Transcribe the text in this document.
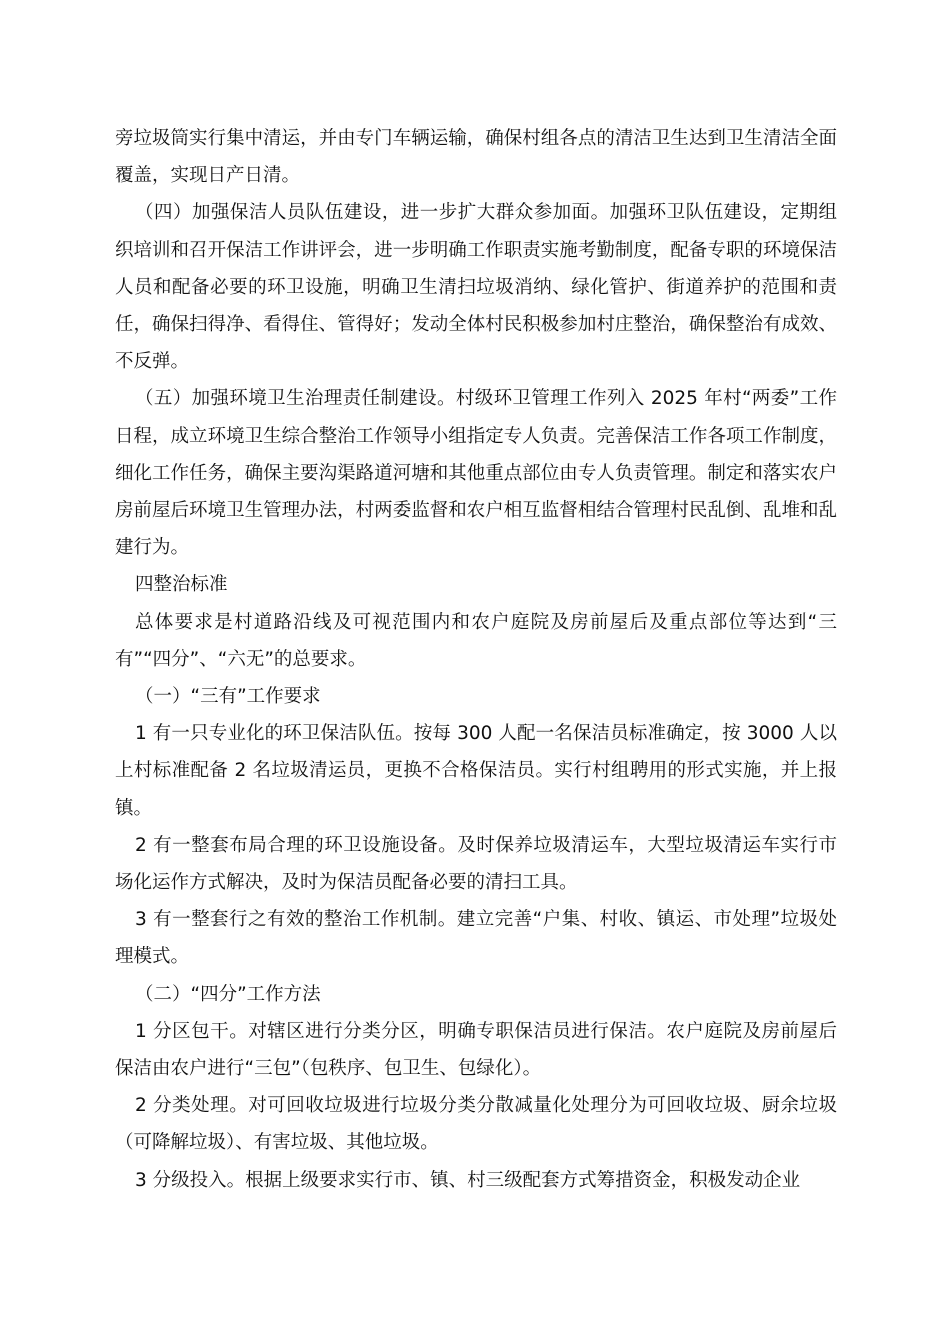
旁垃圾筒实行集中清运，并由专门车辆运输，确保村组各点的清洁卫生达到卫生清洁全面覆盖，实现日产日清。

（四）加强保洁人员队伍建设，进一步扩大群众参加面。加强环卫队伍建设，定期组织培训和召开保洁工作讲评会，进一步明确工作职责实施考勤制度，配备专职的环境保洁人员和配备必要的环卫设施，明确卫生清扫垃圾消纳、绿化管护、街道养护的范围和责任，确保扫得净、看得住、管得好；发动全体村民积极参加村庄整治，确保整治有成效、不反弹。

（五）加强环境卫生治理责任制建设。村级环卫管理工作列入 2025 年村“两委”工作日程，成立环境卫生综合整治工作领导小组指定专人负责。完善保洁工作各项工作制度，细化工作任务，确保主要沟渠路道河塘和其他重点部位由专人负责管理。制定和落实农户房前屋后环境卫生管理办法，村两委监督和农户相互监督相结合管理村民乱倒、乱堆和乱建行为。

四整治标准

总体要求是村道路沿线及可视范围内和农户庭院及房前屋后及重点部位等达到“三有”“四分”、“六无”的总要求。

（一）“三有”工作要求

1 有一只专业化的环卫保洁队伍。按每 300 人配一名保洁员标准确定，按 3000 人以上村标准配备 2 名垃圾清运员，更换不合格保洁员。实行村组聘用的形式实施，并上报镇。

2 有一整套布局合理的环卫设施设备。及时保养垃圾清运车，大型垃圾清运车实行市场化运作方式解决，及时为保洁员配备必要的清扫工具。

3 有一整套行之有效的整治工作机制。建立完善“户集、村收、镇运、市处理”垃圾处理模式。

（二）“四分”工作方法

1 分区包干。对辖区进行分类分区，明确专职保洁员进行保洁。农户庭院及房前屋后保洁由农户进行“三包”（包秩序、包卫生、包绿化）。

2 分类处理。对可回收垃圾进行垃圾分类分散减量化处理分为可回收垃圾、厨余垃圾（可降解垃圾）、有害垃圾、其他垃圾。

3 分级投入。根据上级要求实行市、镇、村三级配套方式筹措资金，积极发动企业
